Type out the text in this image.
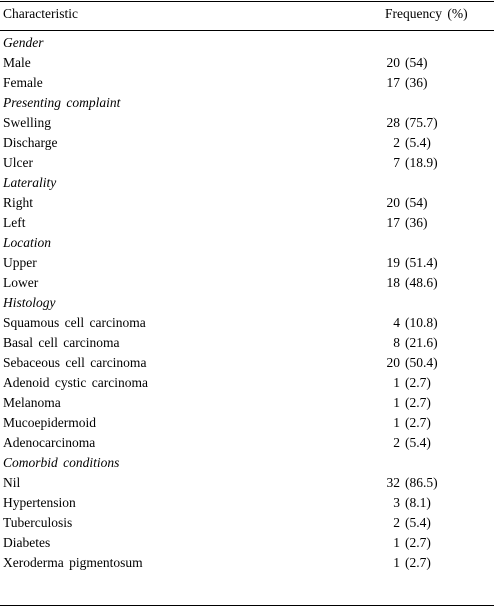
Characteristic	Frequency (%)
Gender
Male	20 (54)
Female	17 (36)
Presenting complaint
Swelling	28 (75.7)
Discharge	2 (5.4)
Ulcer	7 (18.9)
Laterality
Right	20 (54)
Left	17 (36)
Location
Upper	19 (51.4)
Lower	18 (48.6)
Histology
Squamous cell carcinoma	4 (10.8)
Basal cell carcinoma	8 (21.6)
Sebaceous cell carcinoma	20 (50.4)
Adenoid cystic carcinoma	1 (2.7)
Melanoma	1 (2.7)
Mucoepidermoid	1 (2.7)
Adenocarcinoma	2 (5.4)
Comorbid conditions
Nil	32 (86.5)
Hypertension	3 (8.1)
Tuberculosis	2 (5.4)
Diabetes	1 (2.7)
Xeroderma pigmentosum	1 (2.7)
